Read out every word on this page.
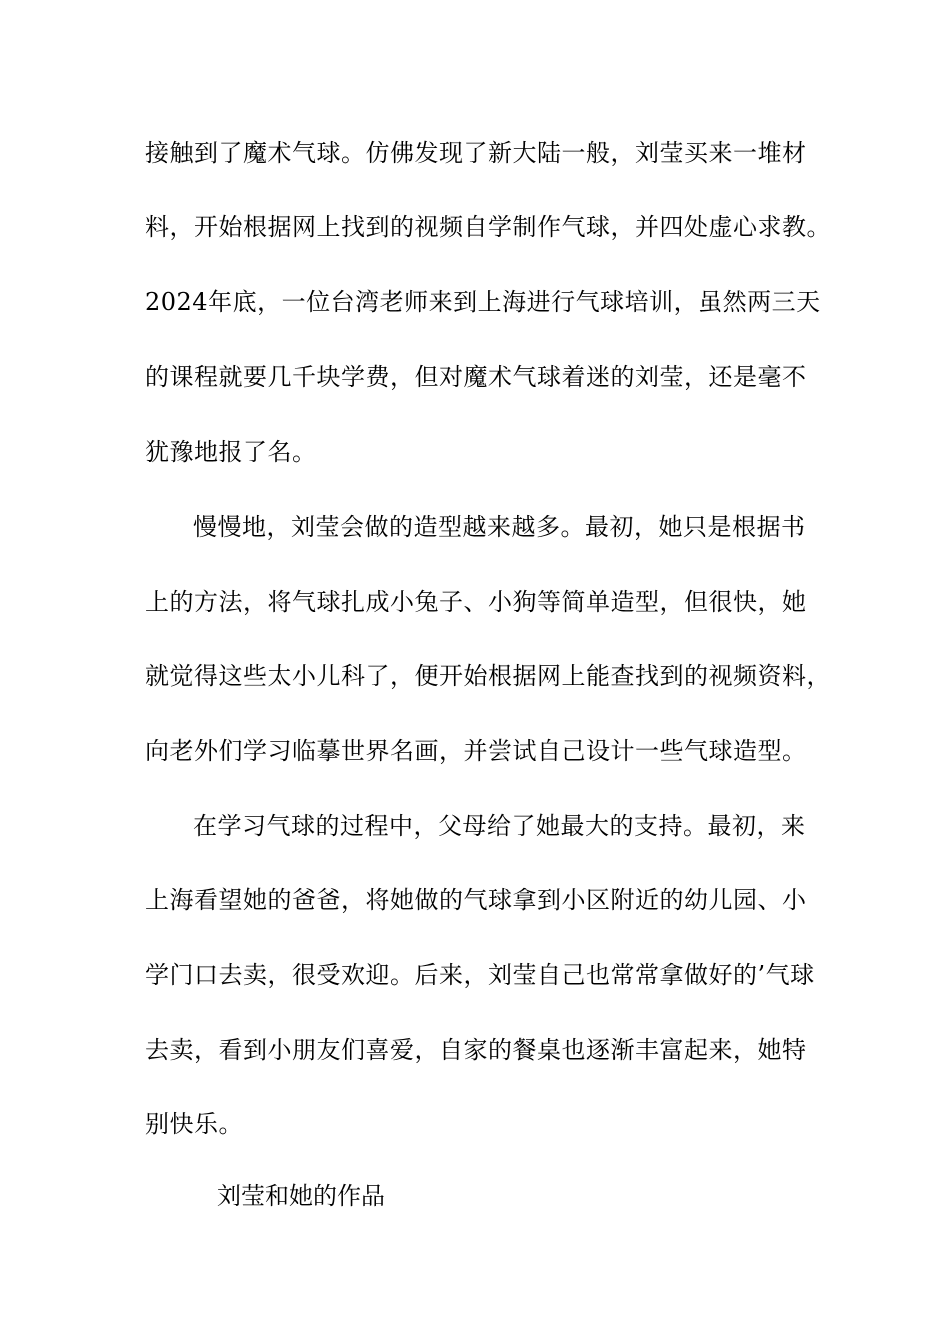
接触到了魔术气球。仿佛发现了新大陆一般，刘莹买来一堆材
料，开始根据网上找到的视频自学制作气球，并四处虚心求教。
2024年底，一位台湾老师来到上海进行气球培训，虽然两三天
的课程就要几千块学费，但对魔术气球着迷的刘莹，还是毫不
犹豫地报了名。
慢慢地，刘莹会做的造型越来越多。最初，她只是根据书
上的方法，将气球扎成小兔子、小狗等简单造型，但很快，她
就觉得这些太小儿科了，便开始根据网上能查找到的视频资料，
向老外们学习临摹世界名画，并尝试自己设计一些气球造型。
在学习气球的过程中，父母给了她最大的支持。最初，来
上海看望她的爸爸，将她做的气球拿到小区附近的幼儿园、小
学门口去卖，很受欢迎。后来，刘莹自己也常常拿做好的’气球
去卖，看到小朋友们喜爱，自家的餐桌也逐渐丰富起来，她特
别快乐。
刘莹和她的作品
